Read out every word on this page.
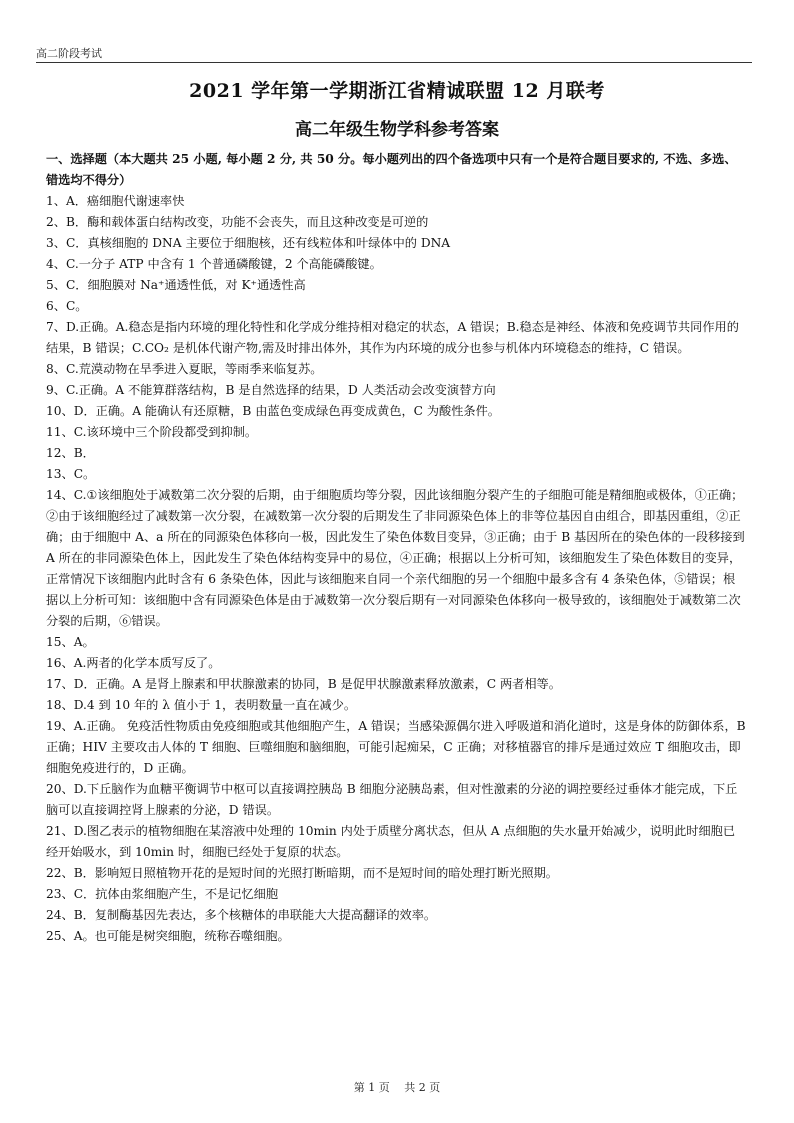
高二阶段考试
2021 学年第一学期浙江省精诚联盟 12 月联考
高二年级生物学科参考答案

一、选择题（本大题共 25 小题, 每小题 2 分, 共 50 分。每小题列出的四个备选项中只有一个是符合题目要求的, 不选、多选、错选均不得分）

1、A．癌细胞代谢速率快

2、B．酶和载体蛋白结构改变，功能不会丧失，而且这种改变是可逆的

3、C．真核细胞的 DNA 主要位于细胞核，还有线粒体和叶绿体中的 DNA

4、C.一分子 ATP 中含有 1 个普通磷酸键，2 个高能磷酸键。

5、C．细胞膜对 Na⁺通透性低，对 K⁺通透性高

6、C。

7、D.正确。A.稳态是指内环境的理化特性和化学成分维持相对稳定的状态，A 错误；B.稳态是神经、体液和免疫调节共同作用的结果，B 错误；C.CO₂ 是机体代谢产物,需及时排出体外，其作为内环境的成分也参与机体内环境稳态的维持，C 错误。

8、C.荒漠动物在旱季进入夏眠，等雨季来临复苏。

9、C.正确。A 不能算群落结构，B 是自然选择的结果，D 人类活动会改变演替方向

10、D．正确。A 能确认有还原糖，B 由蓝色变成绿色再变成黄色，C 为酸性条件。

11、C.该环境中三个阶段都受到抑制。

12、B．

13、C。

14、C.①该细胞处于减数第二次分裂的后期，由于细胞质均等分裂，因此该细胞分裂产生的子细胞可能是精细胞或极体，①正确；②由于该细胞经过了减数第一次分裂，在减数第一次分裂的后期发生了非同源染色体上的非等位基因自由组合，即基因重组，②正确；由于细胞中 A、a 所在的同源染色体移向一极，因此发生了染色体数目变异，③正确；由于 B 基因所在的染色体的一段移接到 A 所在的非同源染色体上，因此发生了染色体结构变异中的易位，④正确；根据以上分析可知，该细胞发生了染色体数目的变异，正常情况下该细胞内此时含有 6 条染色体，因此与该细胞来自同一个亲代细胞的另一个细胞中最多含有 4 条染色体，⑤错误；根据以上分析可知：该细胞中含有同源染色体是由于减数第一次分裂后期有一对同源染色体移向一极导致的，该细胞处于减数第二次分裂的后期，⑥错误。

15、A。

16、A.两者的化学本质写反了。

17、D．正确。A 是肾上腺素和甲状腺激素的协同，B 是促甲状腺激素释放激素，C 两者相等。

18、D.4 到 10 年的 λ 值小于 1，表明数量一直在减少。

19、A.正确。 免疫活性物质由免疫细胞或其他细胞产生，A 错误；当感染源偶尔进入呼吸道和消化道时，这是身体的防御体系，B 正确；HIV 主要攻击人体的 T 细胞、巨噬细胞和脑细胞，可能引起痴呆，C 正确；对移植器官的排斥是通过效应 T 细胞攻击，即细胞免疫进行的，D 正确。

20、D.下丘脑作为血糖平衡调节中枢可以直接调控胰岛 B 细胞分泌胰岛素，但对性激素的分泌的调控要经过垂体才能完成，下丘脑可以直接调控肾上腺素的分泌，D 错误。

21、D.图乙表示的植物细胞在某溶液中处理的 10min 内处于质壁分离状态，但从 A 点细胞的失水量开始减少，说明此时细胞已经开始吸水，到 10min 时，细胞已经处于复原的状态。

22、B．影响短日照植物开花的是短时间的光照打断暗期，而不是短时间的暗处理打断光照期。

23、C．抗体由浆细胞产生，不是记忆细胞

24、B．复制酶基因先表达，多个核糖体的串联能大大提高翻译的效率。

25、A。也可能是树突细胞，统称吞噬细胞。

第 1 页　 共 2 页
